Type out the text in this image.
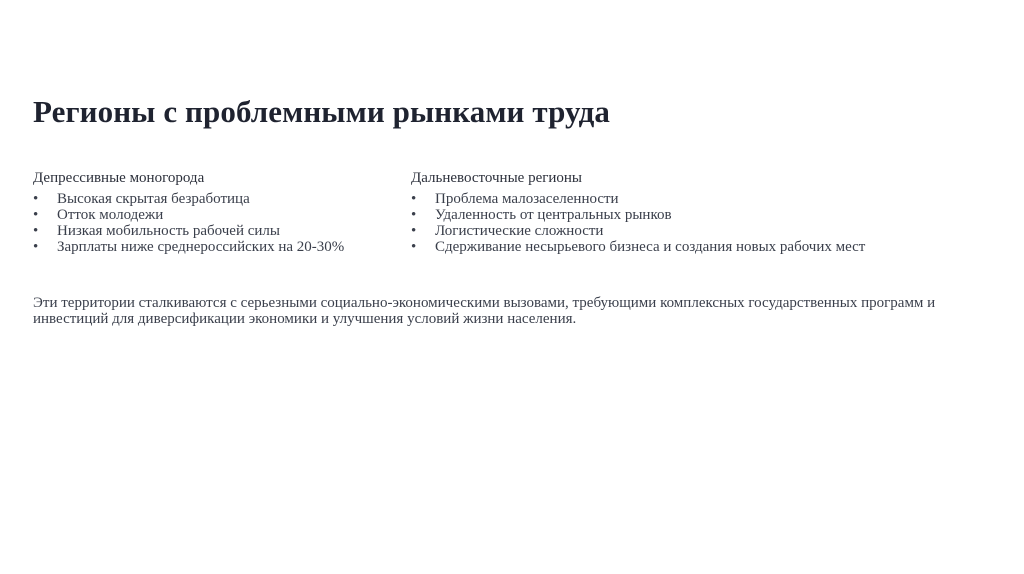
Регионы с проблемными рынками труда

Депрессивные моногорода

• Высокая скрытая безработица
• Отток молодежи
• Низкая мобильность рабочей силы
• Зарплаты ниже среднероссийских на 20-30%

Дальневосточные регионы

• Проблема малозаселенности
• Удаленность от центральных рынков
• Логистические сложности
• Сдерживание несырьевого бизнеса и создания новых рабочих мест

Эти территории сталкиваются с серьезными социально-экономическими вызовами, требующими комплексных государственных программ и инвестиций для диверсификации экономики и улучшения условий жизни населения.
